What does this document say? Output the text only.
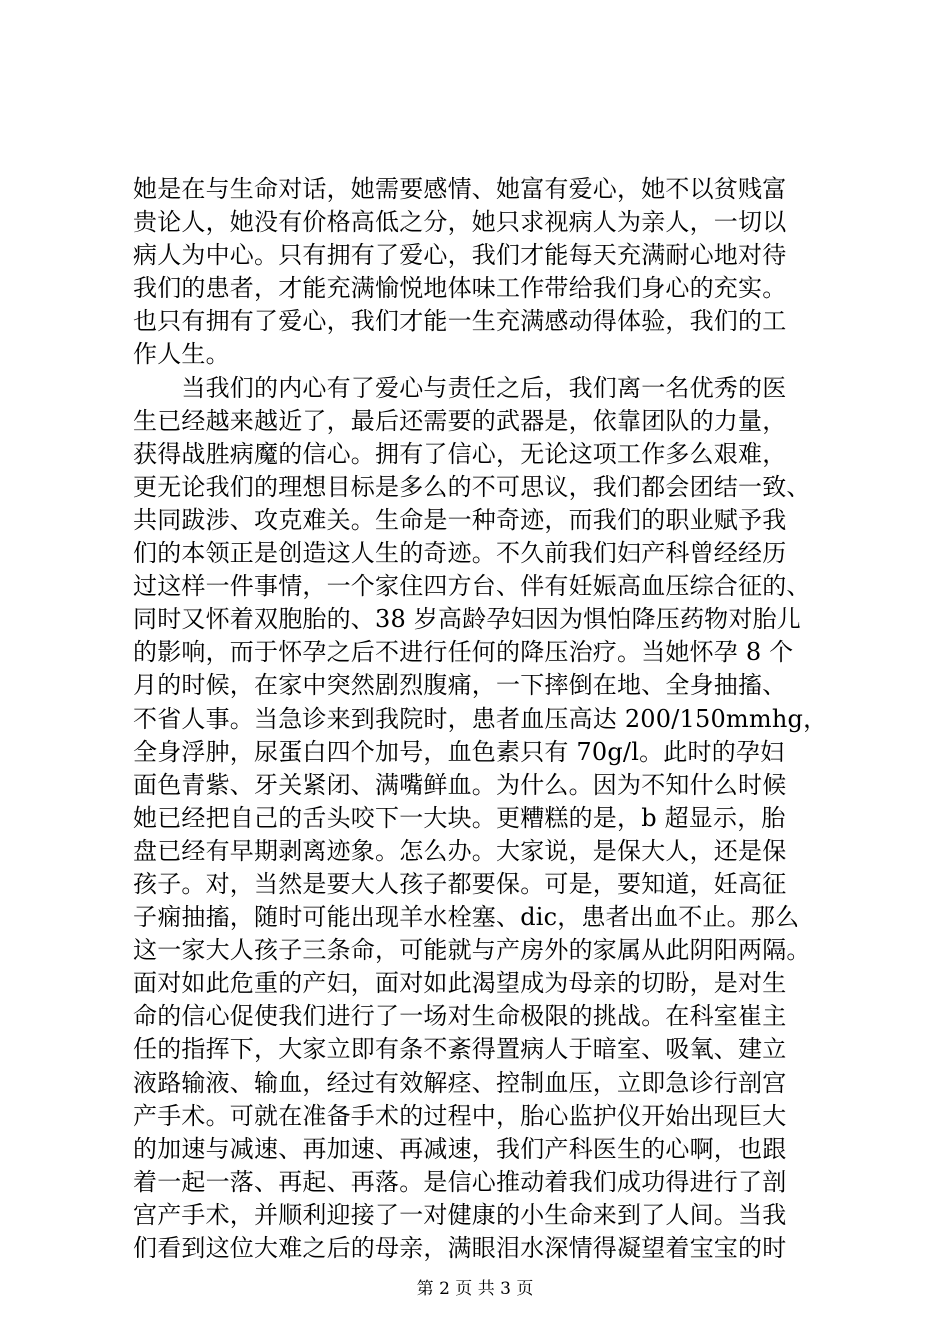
她是在与生命对话，她需要感情、她富有爱心，她不以贫贱富
贵论人，她没有价格高低之分，她只求视病人为亲人，一切以
病人为中心。只有拥有了爱心，我们才能每天充满耐心地对待
我们的患者，才能充满愉悦地体味工作带给我们身心的充实。
也只有拥有了爱心，我们才能一生充满感动得体验，我们的工
作人生。
　　当我们的内心有了爱心与责任之后，我们离一名优秀的医
生已经越来越近了，最后还需要的武器是，依靠团队的力量，
获得战胜病魔的信心。拥有了信心，无论这项工作多么艰难，
更无论我们的理想目标是多么的不可思议，我们都会团结一致、
共同跋涉、攻克难关。生命是一种奇迹，而我们的职业赋予我
们的本领正是创造这人生的奇迹。不久前我们妇产科曾经经历
过这样一件事情，一个家住四方台、伴有妊娠高血压综合征的、
同时又怀着双胞胎的、38 岁高龄孕妇因为惧怕降压药物对胎儿
的影响，而于怀孕之后不进行任何的降压治疗。当她怀孕 8 个
月的时候，在家中突然剧烈腹痛，一下摔倒在地、全身抽搐、
不省人事。当急诊来到我院时，患者血压高达 200/150mmhg，
全身浮肿，尿蛋白四个加号，血色素只有 70g/l。此时的孕妇
面色青紫、牙关紧闭、满嘴鲜血。为什么。因为不知什么时候
她已经把自己的舌头咬下一大块。更糟糕的是，b 超显示，胎
盘已经有早期剥离迹象。怎么办。大家说，是保大人，还是保
孩子。对，当然是要大人孩子都要保。可是，要知道，妊高征
子痫抽搐，随时可能出现羊水栓塞、dic，患者出血不止。那么
这一家大人孩子三条命，可能就与产房外的家属从此阴阳两隔。
面对如此危重的产妇，面对如此渴望成为母亲的切盼，是对生
命的信心促使我们进行了一场对生命极限的挑战。在科室崔主
任的指挥下，大家立即有条不紊得置病人于暗室、吸氧、建立
液路输液、输血，经过有效解痉、控制血压，立即急诊行剖宫
产手术。可就在准备手术的过程中，胎心监护仪开始出现巨大
的加速与减速、再加速、再减速，我们产科医生的心啊，也跟
着一起一落、再起、再落。是信心推动着我们成功得进行了剖
宫产手术，并顺利迎接了一对健康的小生命来到了人间。当我
们看到这位大难之后的母亲，满眼泪水深情得凝望着宝宝的时
第 2 页 共 3 页
